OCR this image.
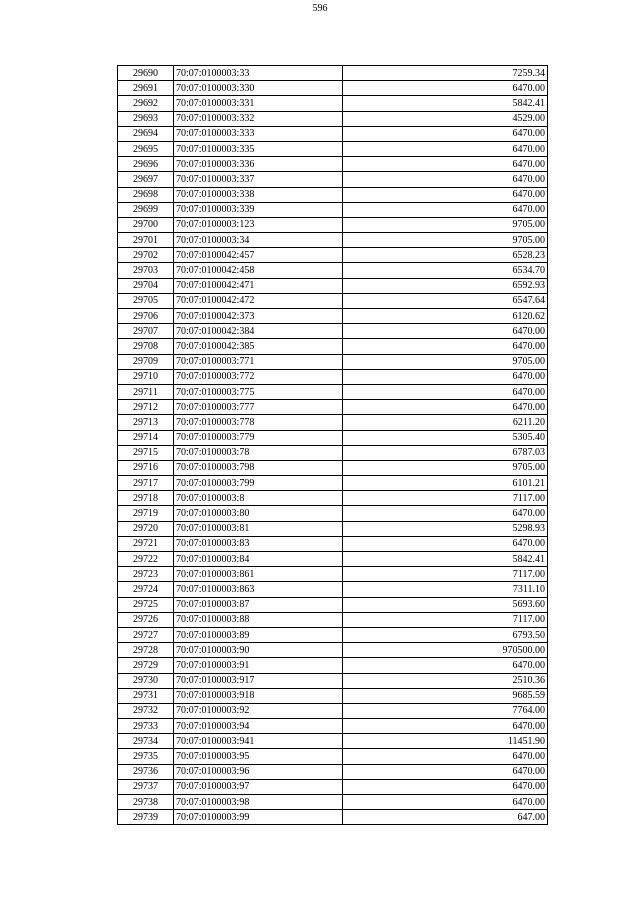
596
29690	70:07:0100003:33	7259.34
29691	70:07:0100003:330	6470.00
29692	70:07:0100003:331	5842.41
29693	70:07:0100003:332	4529.00
29694	70:07:0100003:333	6470.00
29695	70:07:0100003:335	6470.00
29696	70:07:0100003:336	6470.00
29697	70:07:0100003:337	6470.00
29698	70:07:0100003:338	6470.00
29699	70:07:0100003:339	6470.00
29700	70:07:0100003:123	9705.00
29701	70:07:0100003:34	9705.00
29702	70:07:0100042:457	6528.23
29703	70:07:0100042:458	6534.70
29704	70:07:0100042:471	6592.93
29705	70:07:0100042:472	6547.64
29706	70:07:0100042:373	6120.62
29707	70:07:0100042:384	6470.00
29708	70:07:0100042:385	6470.00
29709	70:07:0100003:771	9705.00
29710	70:07:0100003:772	6470.00
29711	70:07:0100003:775	6470.00
29712	70:07:0100003:777	6470.00
29713	70:07:0100003:778	6211.20
29714	70:07:0100003:779	5305.40
29715	70:07:0100003:78	6787.03
29716	70:07:0100003:798	9705.00
29717	70:07:0100003:799	6101.21
29718	70:07:0100003:8	7117.00
29719	70:07:0100003:80	6470.00
29720	70:07:0100003:81	5298.93
29721	70:07:0100003:83	6470.00
29722	70:07:0100003:84	5842.41
29723	70:07:0100003:861	7117.00
29724	70:07:0100003:863	7311.10
29725	70:07:0100003:87	5693.60
29726	70:07:0100003:88	7117.00
29727	70:07:0100003:89	6793.50
29728	70:07:0100003:90	970500.00
29729	70:07:0100003:91	6470.00
29730	70:07:0100003:917	2510.36
29731	70:07:0100003:918	9685.59
29732	70:07:0100003:92	7764.00
29733	70:07:0100003:94	6470.00
29734	70:07:0100003:941	11451.90
29735	70:07:0100003:95	6470.00
29736	70:07:0100003:96	6470.00
29737	70:07:0100003:97	6470.00
29738	70:07:0100003:98	6470.00
29739	70:07:0100003:99	647.00
